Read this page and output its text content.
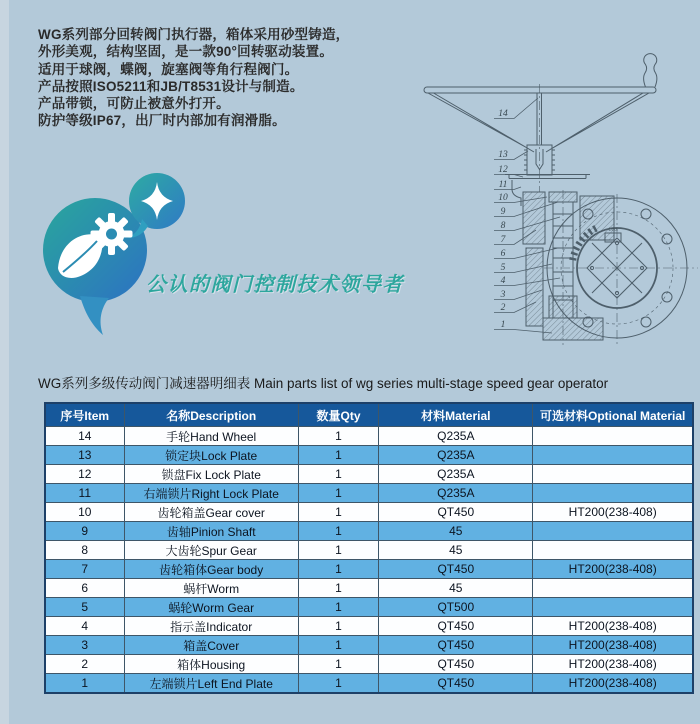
WG系列部分回转阀门执行器，箱体采用砂型铸造，
外形美观，结构坚固，是一款90°回转驱动装置。
适用于球阀，蝶阀，旋塞阀等角行程阀门。
产品按照ISO5211和JB/T8531设计与制造。
产品带锁，可防止被意外打开。
防护等级IP67，出厂时内部加有润滑脂。
公认的阀门控制技术领导者
14
13
12
11
10
9
8
7
6
5
4
3
2
1
UNS
WG系列多级传动阀门减速器明细表 Main parts list of wg series multi-stage speed gear operator
序号Item	名称Description	数量Qty	材料Material	可选材料Optional Material
14	手轮Hand Wheel	1	Q235A	
13	锁定块Lock Plate	1	Q235A	
12	锁盘Fix Lock Plate	1	Q235A	
11	右端锁片Right Lock Plate	1	Q235A	
10	齿轮箱盖Gear cover	1	QT450	HT200(238-408)
9	齿轴Pinion Shaft	1	45	
8	大齿轮Spur Gear	1	45	
7	齿轮箱体Gear body	1	QT450	HT200(238-408)
6	蜗杆Worm	1	45	
5	蜗轮Worm Gear	1	QT500	
4	指示盖Indicator	1	QT450	HT200(238-408)
3	箱盖Cover	1	QT450	HT200(238-408)
2	箱体Housing	1	QT450	HT200(238-408)
1	左端锁片Left End Plate	1	QT450	HT200(238-408)
